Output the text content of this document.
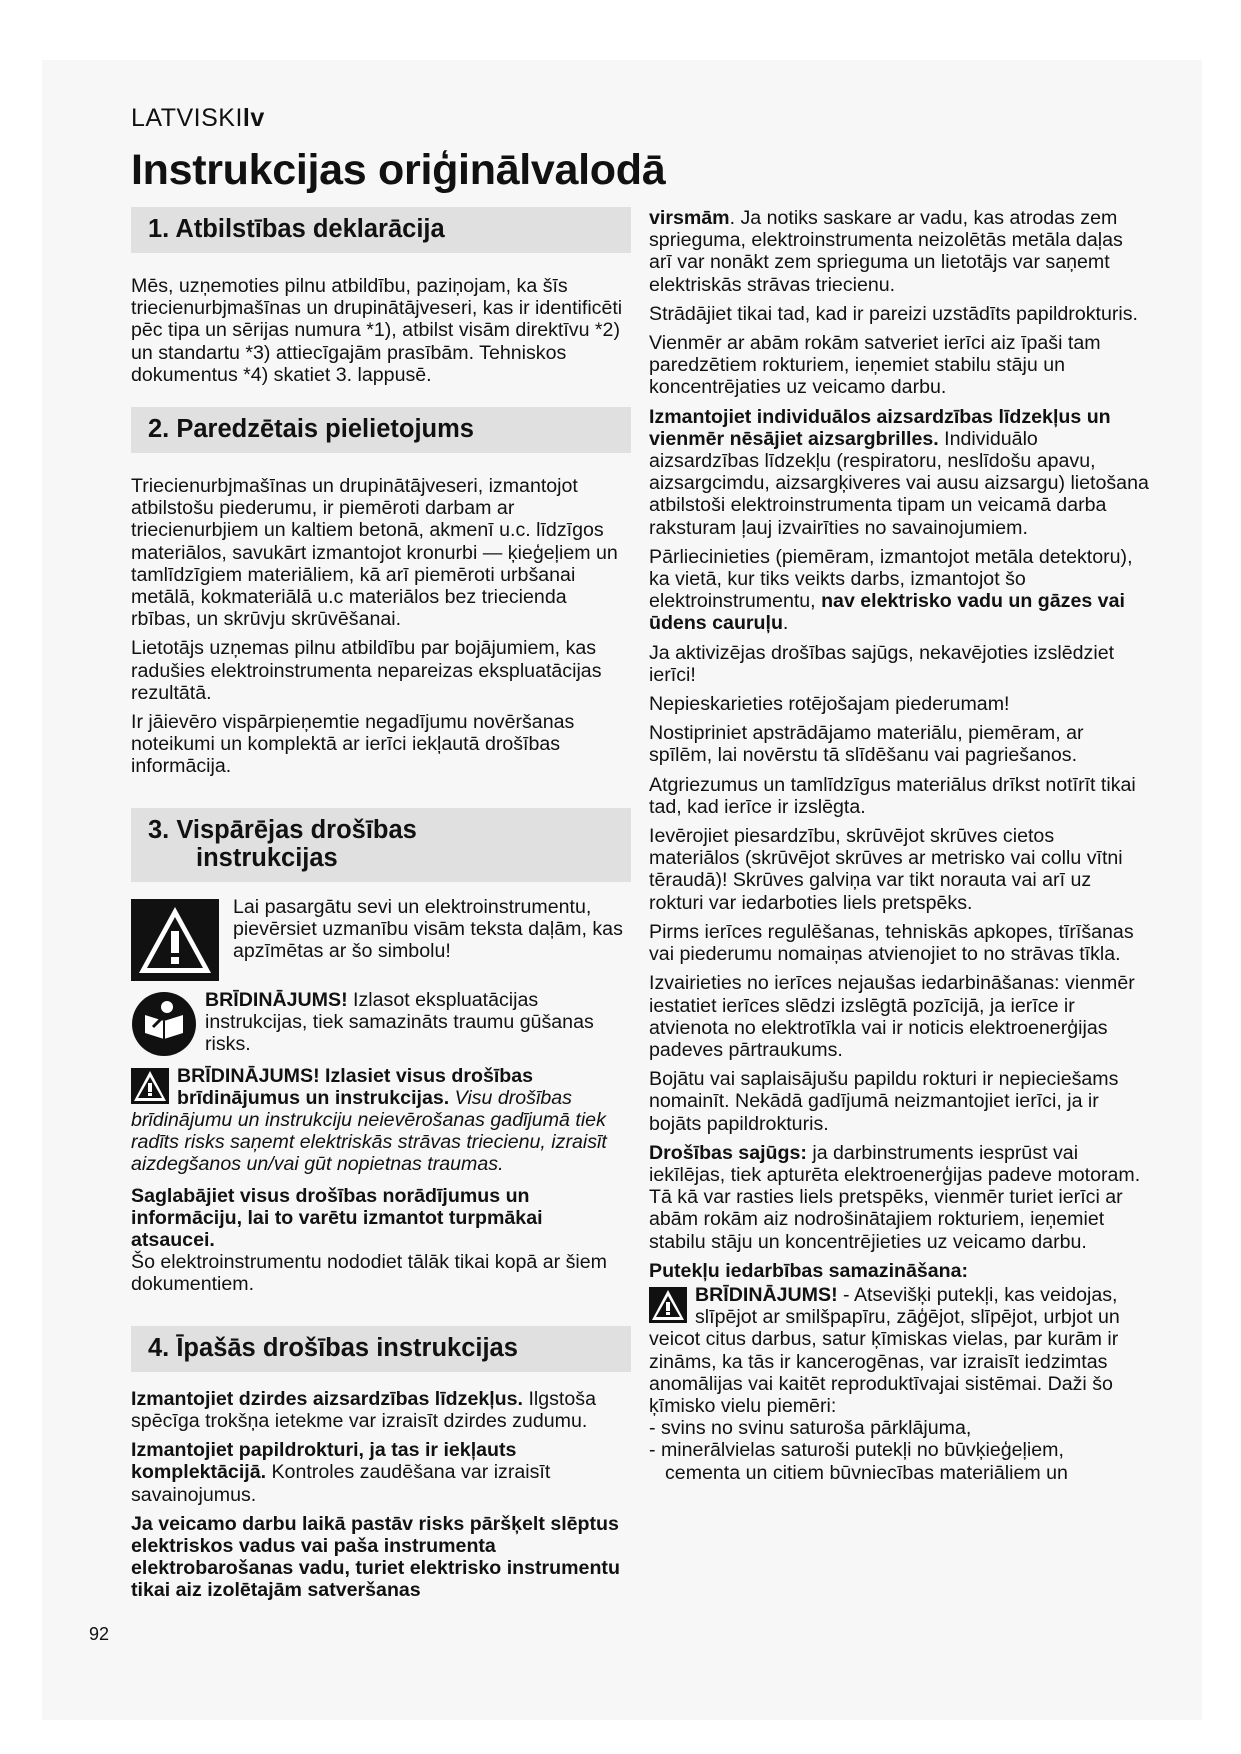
LATVISKIlv
Instrukcijas oriģinālvalodā
1. Atbilstības deklarācija

Mēs, uzņemoties pilnu atbildību, paziņojam, ka šīs triecienurbjmašīnas un drupinātājveseri, kas ir identificēti pēc tipa un sērijas numura *1), atbilst visām direktīvu *2) un standartu *3) attiecīgajām prasībām. Tehniskos dokumentus *4) skatiet 3. lappusē.

2. Paredzētais pielietojums

Triecienurbjmašīnas un drupinātājveseri, izmantojot atbilstošu piederumu, ir piemēroti darbam ar triecienurbjiem un kaltiem betonā, akmenī u.c. līdzīgos materiālos, savukārt izmantojot kronurbi — ķieģeļiem un tamlīdzīgiem materiāliem, kā arī piemēroti urbšanai metālā, kokmateriālā u.c materiālos bez triecienda rbības, un skrūvju skrūvēšanai.

Lietotājs uzņemas pilnu atbildību par bojājumiem, kas radušies elektroinstrumenta nepareizas ekspluatācijas rezultātā.

Ir jāievēro vispārpieņemtie negadījumu novēršanas noteikumi un komplektā ar ierīci iekļautā drošības informācija.

3. Vispārējas drošības
instrukcijas
Lai pasargātu sevi un elektroinstrumentu, pievērsiet uzmanību visām teksta daļām, kas apzīmētas ar šo simbolu!
BRĪDINĀJUMS! Izlasot ekspluatācijas instrukcijas, tiek samazināts traumu gūšanas risks.

BRĪDINĀJUMS! Izlasiet visus drošības brīdinājumus un instrukcijas. Visu drošības brīdinājumu un instrukciju neievērošanas gadījumā tiek radīts risks saņemt elektriskās strāvas triecienu, izraisīt aizdegšanos un/vai gūt nopietnas traumas.

Saglabājiet visus drošības norādījumus un informāciju, lai to varētu izmantot turpmākai atsaucei.

Šo elektroinstrumentu nododiet tālāk tikai kopā ar šiem dokumentiem.

4. Īpašās drošības instrukcijas

Izmantojiet dzirdes aizsardzības līdzekļus. Ilgstoša spēcīga trokšņa ietekme var izraisīt dzirdes zudumu.

Izmantojiet papildrokturi, ja tas ir iekļauts komplektācijā. Kontroles zaudēšana var izraisīt savainojumus.

Ja veicamo darbu laikā pastāv risks pāršķelt slēptus elektriskos vadus vai paša instrumenta elektrobarošanas vadu, turiet elektrisko instrumentu tikai aiz izolētajām satveršanas

virsmām. Ja notiks saskare ar vadu, kas atrodas zem sprieguma, elektroinstrumenta neizolētās metāla daļas arī var nonākt zem sprieguma un lietotājs var saņemt elektriskās strāvas triecienu.

Strādājiet tikai tad, kad ir pareizi uzstādīts papildrokturis.

Vienmēr ar abām rokām satveriet ierīci aiz īpaši tam paredzētiem rokturiem, ieņemiet stabilu stāju un koncentrējaties uz veicamo darbu.

Izmantojiet individuālos aizsardzības līdzekļus un vienmēr nēsājiet aizsargbrilles. Individuālo aizsardzības līdzekļu (respiratoru, neslīdošu apavu, aizsargcimdu, aizsargķiveres vai ausu aizsargu) lietošana atbilstoši elektroinstrumenta tipam un veicamā darba raksturam ļauj izvairīties no savainojumiem.

Pārliecinieties (piemēram, izmantojot metāla detektoru), ka vietā, kur tiks veikts darbs, izmantojot šo elektroinstrumentu, nav elektrisko vadu un gāzes vai ūdens cauruļu.

Ja aktivizējas drošības sajūgs, nekavējoties izslēdziet ierīci!

Nepieskarieties rotējošajam piederumam!

Nostipriniet apstrādājamo materiālu, piemēram, ar spīlēm, lai novērstu tā slīdēšanu vai pagriešanos.

Atgriezumus un tamlīdzīgus materiālus drīkst notīrīt tikai tad, kad ierīce ir izslēgta.

Ievērojiet piesardzību, skrūvējot skrūves cietos materiālos (skrūvējot skrūves ar metrisko vai collu vītni tēraudā)! Skrūves galviņa var tikt norauta vai arī uz rokturi var iedarboties liels pretspēks.

Pirms ierīces regulēšanas, tehniskās apkopes, tīrīšanas vai piederumu nomaiņas atvienojiet to no strāvas tīkla.

Izvairieties no ierīces nejaušas iedarbināšanas: vienmēr iestatiet ierīces slēdzi izslēgtā pozīcijā, ja ierīce ir atvienota no elektrotīkla vai ir noticis elektroenerģijas padeves pārtraukums.

Bojātu vai saplaisājušu papildu rokturi ir nepieciešams nomainīt. Nekādā gadījumā neizmantojiet ierīci, ja ir bojāts papildrokturis.

Drošības sajūgs: ja darbinstruments iesprūst vai iekīlējas, tiek apturēta elektroenerģijas padeve motoram. Tā kā var rasties liels pretspēks, vienmēr turiet ierīci ar abām rokām aiz nodrošinātajiem rokturiem, ieņemiet stabilu stāju un koncentrējieties uz veicamo darbu.

Putekļu iedarbības samazināšana:

BRĪDINĀJUMS! - Atsevišķi putekļi, kas veidojas, slīpējot ar smilšpapīru, zāģējot, slīpējot, urbjot un veicot citus darbus, satur ķīmiskas vielas, par kurām ir zināms, ka tās ir kancerogēnas, var izraisīt iedzimtas anomālijas vai kaitēt reproduktīvajai sistēmai. Daži šo ķīmisko vielu piemēri:

- svins no svinu saturoša pārklājuma,

- minerālvielas saturoši putekļi no būvķieģeļiem,

cementa un citiem būvniecības materiāliem un

92
